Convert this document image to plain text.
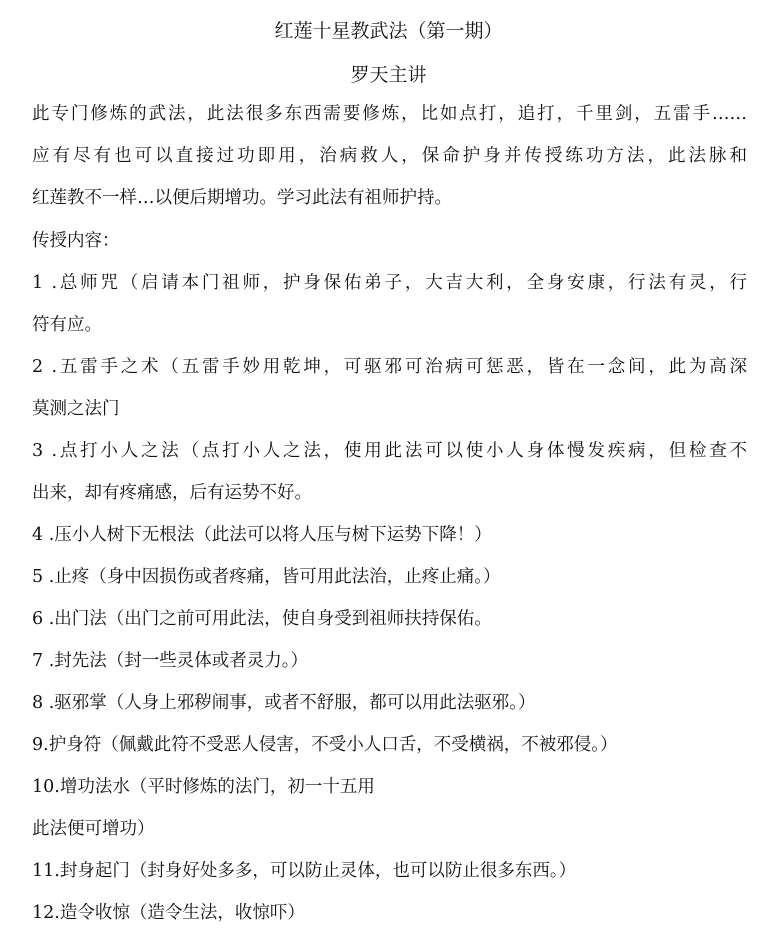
红莲十星教武法（第一期）
罗天主讲
此专门修炼的武法，此法很多东西需要修炼，比如点打，追打，千里剑，五雷手……
应有尽有也可以直接过功即用，治病救人，保命护身并传授练功方法，此法脉和
红莲教不一样…以便后期增功。学习此法有祖师护持。
传授内容：
1 .总师咒（启请本门祖师，护身保佑弟子，大吉大利，全身安康，行法有灵，行
符有应。
2 .五雷手之术（五雷手妙用乾坤，可驱邪可治病可惩恶，皆在一念间，此为高深
莫测之法门
3 .点打小人之法（点打小人之法，使用此法可以使小人身体慢发疾病，但检查不
出来，却有疼痛感，后有运势不好。
4 .压小人树下无根法（此法可以将人压与树下运势下降！）
5 .止疼（身中因损伤或者疼痛，皆可用此法治，止疼止痛。）
6 .出门法（出门之前可用此法，使自身受到祖师扶持保佑。
7 .封先法（封一些灵体或者灵力。）
8 .驱邪掌（人身上邪秽闹事，或者不舒服，都可以用此法驱邪。）
9.护身符（佩戴此符不受恶人侵害，不受小人口舌，不受横祸，不被邪侵。）
10.增功法水（平时修炼的法门，初一十五用
此法便可增功）
11.封身起门（封身好处多多，可以防止灵体，也可以防止很多东西。）
12.造令收惊（造令生法，收惊吓）
